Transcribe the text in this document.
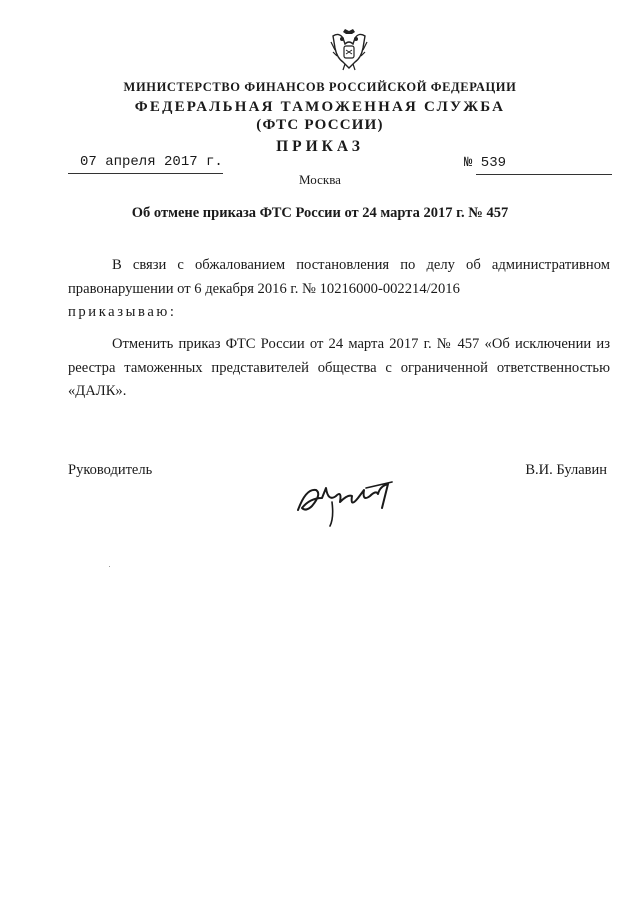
МИНИСТЕРСТВО ФИНАНСОВ РОССИЙСКОЙ ФЕДЕРАЦИИ
ФЕДЕРАЛЬНАЯ ТАМОЖЕННАЯ СЛУЖБА
(ФТС РОССИИ)
ПРИКАЗ
07 апреля 2017 г.	№ 539
Москва
Об отмене приказа ФТС России от 24 марта 2017 г. № 457
В связи с обжалованием постановления по делу об административном правонарушении от 6 декабря 2016 г. № 10216000-002214/2016
приказываю:
Отменить приказ ФТС России от 24 марта 2017 г. № 457 «Об исключении из реестра таможенных представителей общества с ограниченной ответственностью «ДАЛК».
Руководитель	В.И. Булавин
